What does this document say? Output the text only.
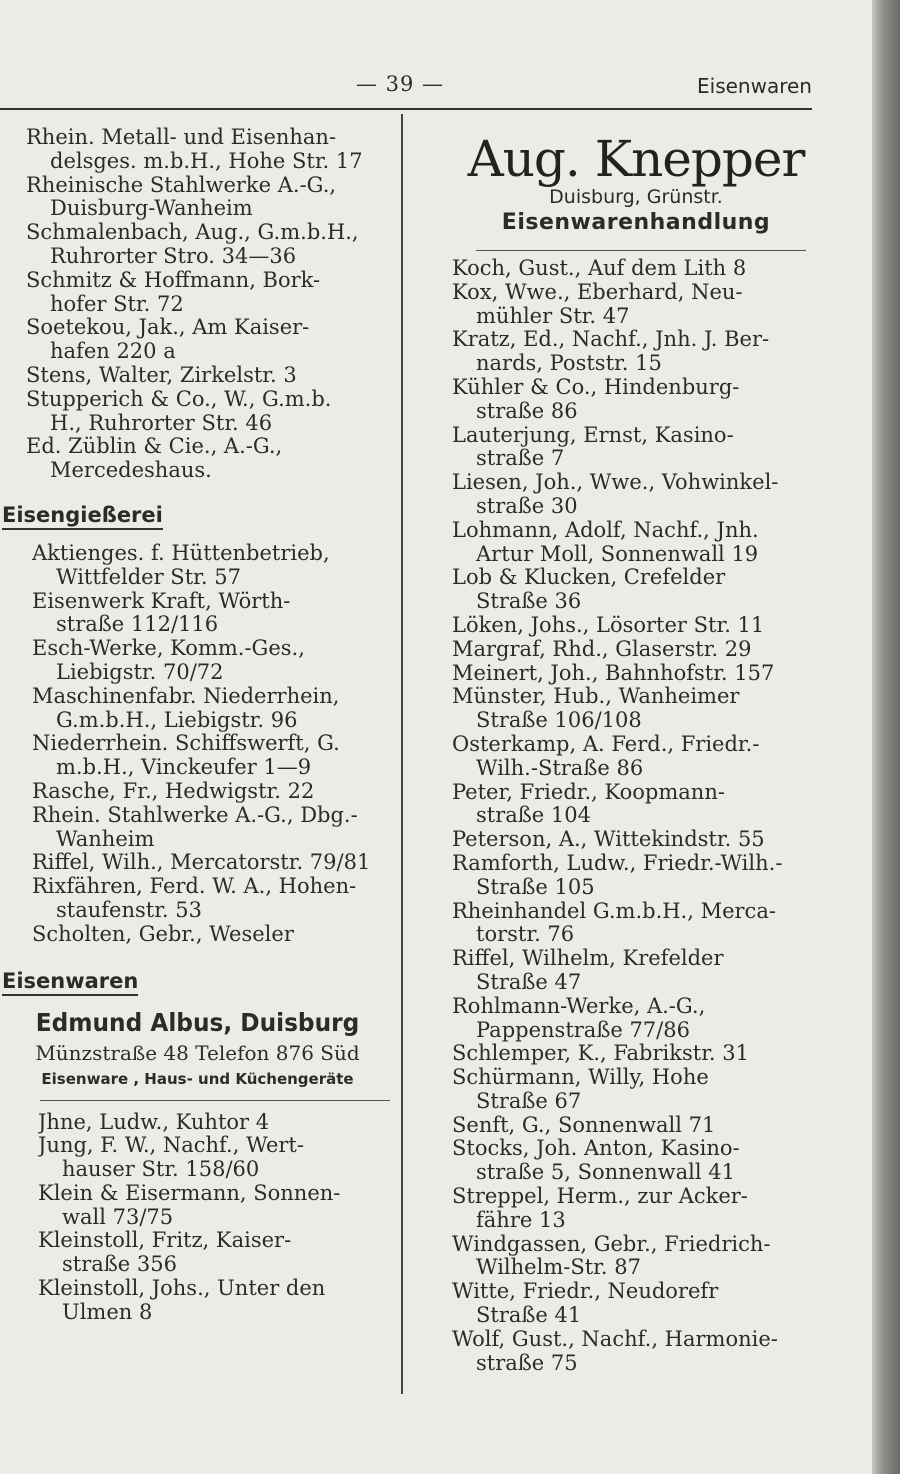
— 39 —	Eisenwaren
Rhein. Metall- und Eisenhan-
delsges. m.b.H., Hohe Str. 17
Rheinische Stahlwerke A.-G.,
Duisburg-Wanheim
Schmalenbach, Aug., G.m.b.H.,
Ruhrorter Stro. 34—36
Schmitz & Hoffmann, Bork-
hofer Str. 72
Soetekou, Jak., Am Kaiser-
hafen 220 a
Stens, Walter, Zirkelstr. 3
Stupperich & Co., W., G.m.b.
H., Ruhrorter Str. 46
Ed. Züblin & Cie., A.-G.,
Mercedeshaus.
Eisengießerei
Aktienges. f. Hüttenbetrieb,
Wittfelder Str. 57
Eisenwerk Kraft, Wörth-
straße 112/116
Esch-Werke, Komm.-Ges.,
Liebigstr. 70/72
Maschinenfabr. Niederrhein,
G.m.b.H., Liebigstr. 96
Niederrhein. Schiffswerft, G.
m.b.H., Vinckeufer 1—9
Rasche, Fr., Hedwigstr. 22
Rhein. Stahlwerke A.-G., Dbg.-
Wanheim
Riffel, Wilh., Mercatorstr. 79/81
Rixfähren, Ferd. W. A., Hohen-
staufenstr. 53
Scholten, Gebr., Weseler
Eisenwaren
Edmund Albus, Duisburg
Münzstraße 48 Telefon 876 Süd
Eisenware , Haus- und Küchengeräte
Jhne, Ludw., Kuhtor 4
Jung, F. W., Nachf., Wert-
hauser Str. 158/60
Klein & Eisermann, Sonnen-
wall 73/75
Kleinstoll, Fritz, Kaiser-
straße 356
Kleinstoll, Johs., Unter den
Ulmen 8
Aug. Knepper
Duisburg, Grünstr.
Eisenwarenhandlung
Koch, Gust., Auf dem Lith 8
Kox, Wwe., Eberhard, Neu-
mühler Str. 47
Kratz, Ed., Nachf., Jnh. J. Ber-
nards, Poststr. 15
Kühler & Co., Hindenburg-
straße 86
Lauterjung, Ernst, Kasino-
straße 7
Liesen, Joh., Wwe., Vohwinkel-
straße 30
Lohmann, Adolf, Nachf., Jnh.
Artur Moll, Sonnenwall 19
Lob & Klucken, Crefelder
Straße 36
Löken, Johs., Lösorter Str. 11
Margraf, Rhd., Glaserstr. 29
Meinert, Joh., Bahnhofstr. 157
Münster, Hub., Wanheimer
Straße 106/108
Osterkamp, A. Ferd., Friedr.-
Wilh.-Straße 86
Peter, Friedr., Koopmann-
straße 104
Peterson, A., Wittekindstr. 55
Ramforth, Ludw., Friedr.-Wilh.-
Straße 105
Rheinhandel G.m.b.H., Merca-
torstr. 76
Riffel, Wilhelm, Krefelder
Straße 47
Rohlmann-Werke, A.-G.,
Pappenstraße 77/86
Schlemper, K., Fabrikstr. 31
Schürmann, Willy, Hohe
Straße 67
Senft, G., Sonnenwall 71
Stocks, Joh. Anton, Kasino-
straße 5, Sonnenwall 41
Streppel, Herm., zur Acker-
fähre 13
Windgassen, Gebr., Friedrich-
Wilhelm-Str. 87
Witte, Friedr., Neudorefr
Straße 41
Wolf, Gust., Nachf., Harmonie-
straße 75
